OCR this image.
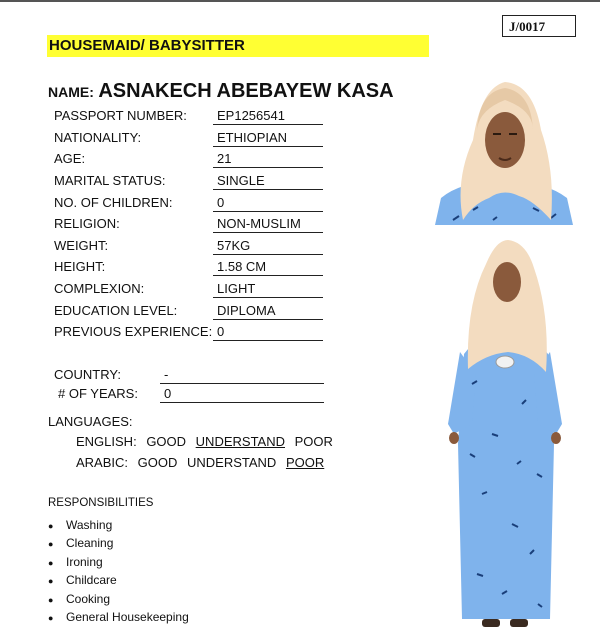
J/0017
HOUSEMAID/ BABYSITTER
NAME: ASNAKECH ABEBAYEW KASA
PASSPORT NUMBER:	EP1256541
NATIONALITY:	ETHIOPIAN
AGE:	21
MARITAL STATUS:	SINGLE
NO. OF CHILDREN:	0
RELIGION:	NON-MUSLIM
WEIGHT:	57KG
HEIGHT:	1.58 CM
COMPLEXION:	LIGHT
EDUCATION LEVEL:	DIPLOMA
PREVIOUS EXPERIENCE: 0
COUNTRY:	-
# OF YEARS:	0
LANGUAGES:
ENGLISH: GOOD UNDERSTAND POOR
ARABIC: GOOD UNDERSTAND POOR
RESPONSIBILITIES
● Washing
● Cleaning
● Ironing
● Childcare
● Cooking
● General Housekeeping
